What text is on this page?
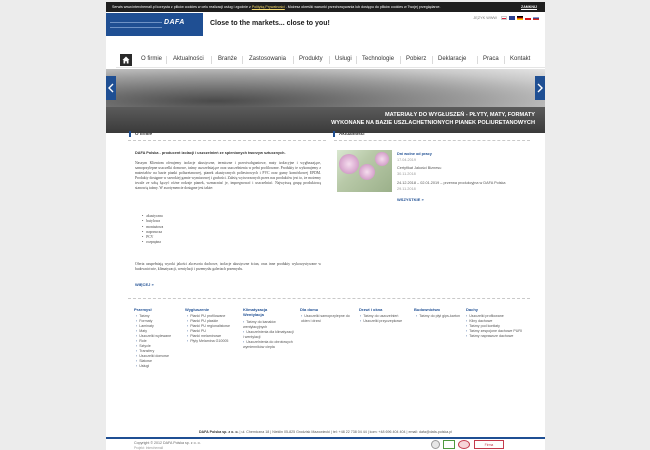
Serwis www.interchemall.pl korzysta z plików cookies w celu realizacji usług i zgodnie z Polityką Prywatności . Możesz określić warunki przechowywania lub dostępu do plików cookies w Twojej przeglądarce.	ZAMKNIJ
DAFA	Close to the markets... close to you!
JĘZYK WWW
O firmie Aktualności Branże Zastosowania Produkty Usługi Technologie Pobierz Deklaracje	Praca Kontakt
MATERIAŁY DO WYGŁUSZEŃ - PŁYTY, MATY, FORMATY
WYKONANE NA BAZIE USZLACHETNIONYCH PIANEK POLIURETANOWYCH
O firmie
DAFA Polska - producent izolacji i uszczelnień ze spienionych tworzyw sztucznych.
Naszym Klientom oferujemy izolacje akustyczne, termiczne i przeciwdrganiowe, maty izolacyjne i wygłuszające, samoprzylepne uszczelki domowe, taśmy uszczelniające oraz uszczelnienia w pełni profilowane. Produkty te wykonujemy z materiałów na bazie pianki poliuretanowej, pianek akustycznych poliestrowych i PVC oraz gumy komórkowej EPDM. Produkty dostępne w szerokiej gamie wymiarowej i grubości. Zależą wytworzonych przez nas produktów jest to, że możemy trwale ze sobą łączyć różne rodzaje pianek, wzmacniać je, impregnować i uszczelniać. Najwyższą grupę produktową stanowią taśmy. W asortymencie dostępne jest także:
• akustyczna
• butylowa
• montażowa
• naprawcza
• PCV
• rozprężna
Oferta uzupełniają wyroki jakości akcesoria dachowe, izolacje akustyczne ścian, oraz inne produkty wykorzystywane w budownictwie, klimatyzacji, wentylacji i przemysłu galeriach przemysłu.
WIĘCEJ »
Aktualności
Dni wolne od pracy
17.04.2019
Certyfikat Jakości Biznesu
30.11.2018
24.12.2018 – 02.01.2019 – przerwa produkcyjna w DAFA Polska
29.11.2018
WSZYSTKIE »
Przemysł
› Taśmy
› Formaty
› Laminaty
› Maty
› Uszczelki wylewane
› Role
› Sztycle
› Transfery
› Uszczelki domowe
› Siatowe
› Usługi
Wygłuszenie
› Pianki PU profilowane
› Pianki PU płaskie
› Pianki PU regionalistowe
› Pianki PU
› Pianki melaminowe
› Płyty Melamina G10005
Klimatyzacja Wentylacja
› Taśmy do kanałów wentylacyjnych
› Uszczelnienia dla klimatyzacji i wentylacji
› Uszczelnienia do obrotowych wymienników ciepła
Dla domu
› Uszczelki samoprzylepne do okien i drzwi
Drzwi i okna
› Taśmy do uszczelnień
› Uszczelki przyczepkowe
Budownictwo
› Taśmy do płyt gips-karton
Dachy
› Uszczelki profilowane
› Kliny dachowe
› Taśmy pod kontłaty
› Taśmy zespojone dachowe PURI
› Taśmy naprawcze dachowe
DAFA Polska sp. z o. o. | ul. Chemiczna 18 | Nieklin 05-825 Grodzisk Mazowiecki | tel: +48 22 738 04 44 | kom: +48 696 404 404 | email: dafa@dafa-polska.pl
Copyright © 2012 DAFA Polska sp. z o. o.
Projekt: Interchemall
Firma
